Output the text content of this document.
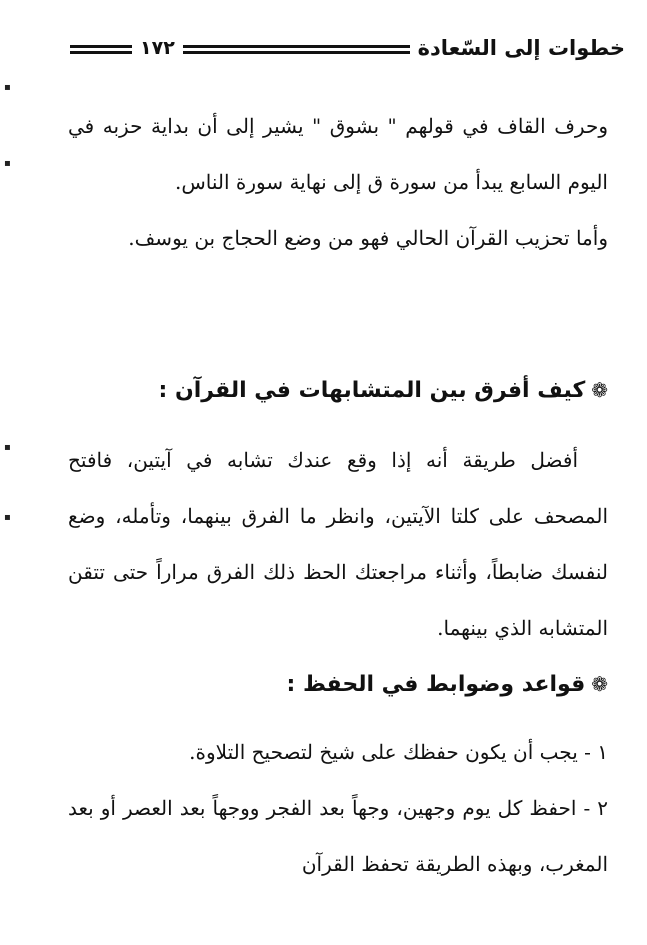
خطوات إلى السّعادة
١٧٢

وحرف القاف في قولهم " بشوق " يشير إلى أن بداية حزبه في اليوم السابع يبدأ من سورة ق إلى نهاية سورة الناس.

وأما تحزيب القرآن الحالي فهو من وضع الحجاج بن يوسف.

❁كيف أفرق بين المتشابهات في القرآن :

أفضل طريقة أنه إذا وقع عندك تشابه في آيتين، فافتح المصحف على كلتا الآيتين، وانظر ما الفرق بينهما، وتأمله، وضع لنفسك ضابطاً، وأثناء مراجعتك الحظ ذلك الفرق مراراً حتى تتقن المتشابه الذي بينهما.

❁قواعد وضوابط في الحفظ :

١ - يجب أن يكون حفظك على شيخ لتصحيح التلاوة.

٢ - احفظ كل يوم وجهين، وجهاً بعد الفجر ووجهاً بعد العصر أو بعد المغرب، وبهذه الطريقة تحفظ القرآن

▪
▪
▪
▪
